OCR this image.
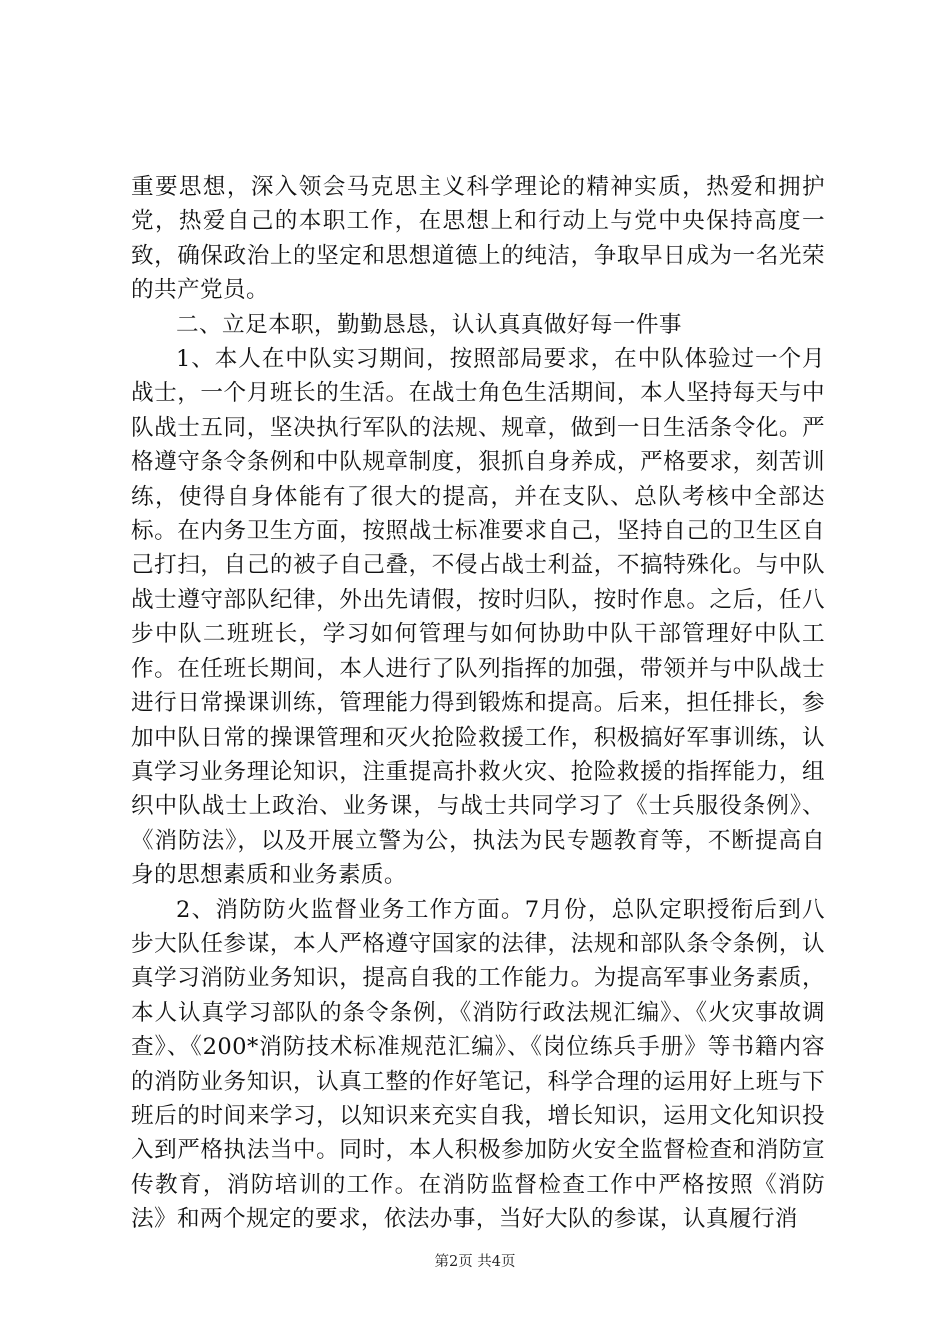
重要思想，深入领会马克思主义科学理论的精神实质，热爱和拥护党，热爱自己的本职工作，在思想上和行动上与党中央保持高度一致，确保政治上的坚定和思想道德上的纯洁，争取早日成为一名光荣的共产党员。

二、立足本职，勤勤恳恳，认认真真做好每一件事

1、本人在中队实习期间，按照部局要求，在中队体验过一个月战士，一个月班长的生活。在战士角色生活期间，本人坚持每天与中队战士五同，坚决执行军队的法规、规章，做到一日生活条令化。严格遵守条令条例和中队规章制度，狠抓自身养成，严格要求，刻苦训练，使得自身体能有了很大的提高，并在支队、总队考核中全部达标。在内务卫生方面，按照战士标准要求自己，坚持自己的卫生区自己打扫，自己的被子自己叠，不侵占战士利益，不搞特殊化。与中队战士遵守部队纪律，外出先请假，按时归队，按时作息。之后，任八步中队二班班长，学习如何管理与如何协助中队干部管理好中队工作。在任班长期间，本人进行了队列指挥的加强，带领并与中队战士进行日常操课训练，管理能力得到锻炼和提高。后来，担任排长，参加中队日常的操课管理和灭火抢险救援工作，积极搞好军事训练，认真学习业务理论知识，注重提高扑救火灾、抢险救援的指挥能力，组织中队战士上政治、业务课，与战士共同学习了《士兵服役条例》、《消防法》，以及开展立警为公，执法为民专题教育等，不断提高自身的思想素质和业务素质。

2、消防防火监督业务工作方面。7月份，总队定职授衔后到八步大队任参谋，本人严格遵守国家的法律，法规和部队条令条例，认真学习消防业务知识，提高自我的工作能力。为提高军事业务素质，本人认真学习部队的条令条例，《消防行政法规汇编》、《火灾事故调查》、《200*消防技术标准规范汇编》、《岗位练兵手册》等书籍内容的消防业务知识，认真工整的作好笔记，科学合理的运用好上班与下班后的时间来学习，以知识来充实自我，增长知识，运用文化知识投入到严格执法当中。同时，本人积极参加防火安全监督检查和消防宣传教育，消防培训的工作。在消防监督检查工作中严格按照《消防法》和两个规定的要求，依法办事，当好大队的参谋，认真履行消

第2页 共4页
